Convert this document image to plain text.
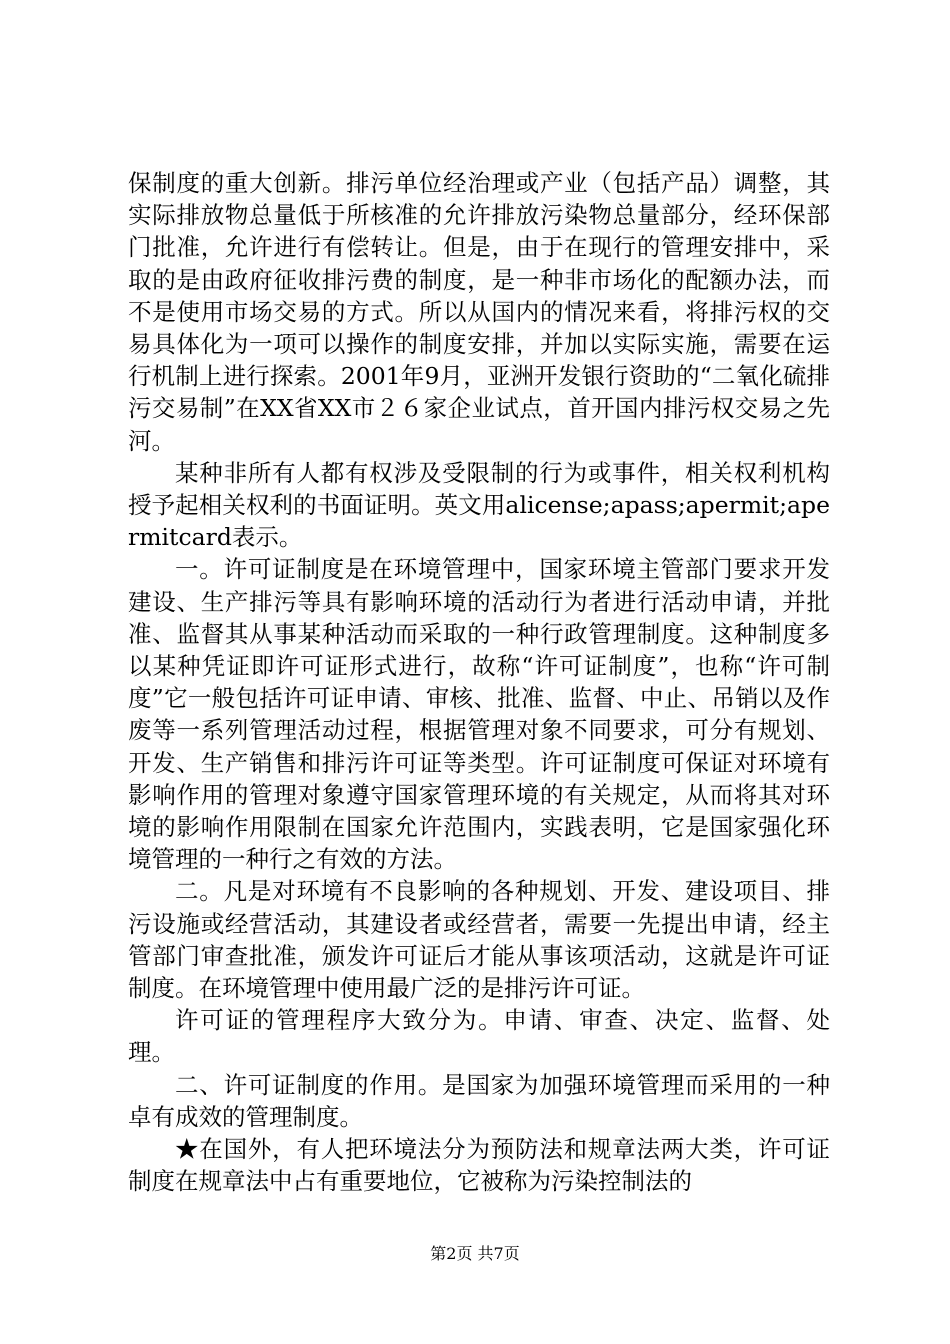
保制度的重大创新。排污单位经治理或产业（包括产品）调整，其实际排放物总量低于所核准的允许排放污染物总量部分，经环保部门批准，允许进行有偿转让。但是，由于在现行的管理安排中，采取的是由政府征收排污费的制度，是一种非市场化的配额办法，而不是使用市场交易的方式。所以从国内的情况来看，将排污权的交易具体化为一项可以操作的制度安排，并加以实际实施，需要在运行机制上进行探索。2001年9月，亚洲开发银行资助的“二氧化硫排污交易制”在XX省XX市２６家企业试点，首开国内排污权交易之先河。

某种非所有人都有权涉及受限制的行为或事件，相关权利机构授予起相关权利的书面证明。英文用alicense;apass;apermit;apermitcard表示。

一。许可证制度是在环境管理中，国家环境主管部门要求开发建设、生产排污等具有影响环境的活动行为者进行活动申请，并批准、监督其从事某种活动而采取的一种行政管理制度。这种制度多以某种凭证即许可证形式进行，故称“许可证制度”，也称“许可制度”它一般包括许可证申请、审核、批准、监督、中止、吊销以及作废等一系列管理活动过程，根据管理对象不同要求，可分有规划、开发、生产销售和排污许可证等类型。许可证制度可保证对环境有影响作用的管理对象遵守国家管理环境的有关规定，从而将其对环境的影响作用限制在国家允许范围内，实践表明，它是国家强化环境管理的一种行之有效的方法。

二。凡是对环境有不良影响的各种规划、开发、建设项目、排污设施或经营活动，其建设者或经营者，需要一先提出申请，经主管部门审查批准，颁发许可证后才能从事该项活动，这就是许可证制度。在环境管理中使用最广泛的是排污许可证。

许可证的管理程序大致分为。申请、审查、决定、监督、处理。

二、许可证制度的作用。是国家为加强环境管理而采用的一种卓有成效的管理制度。

★在国外，有人把环境法分为预防法和规章法两大类，许可证制度在规章法中占有重要地位，它被称为污染控制法的

第2页 共7页
